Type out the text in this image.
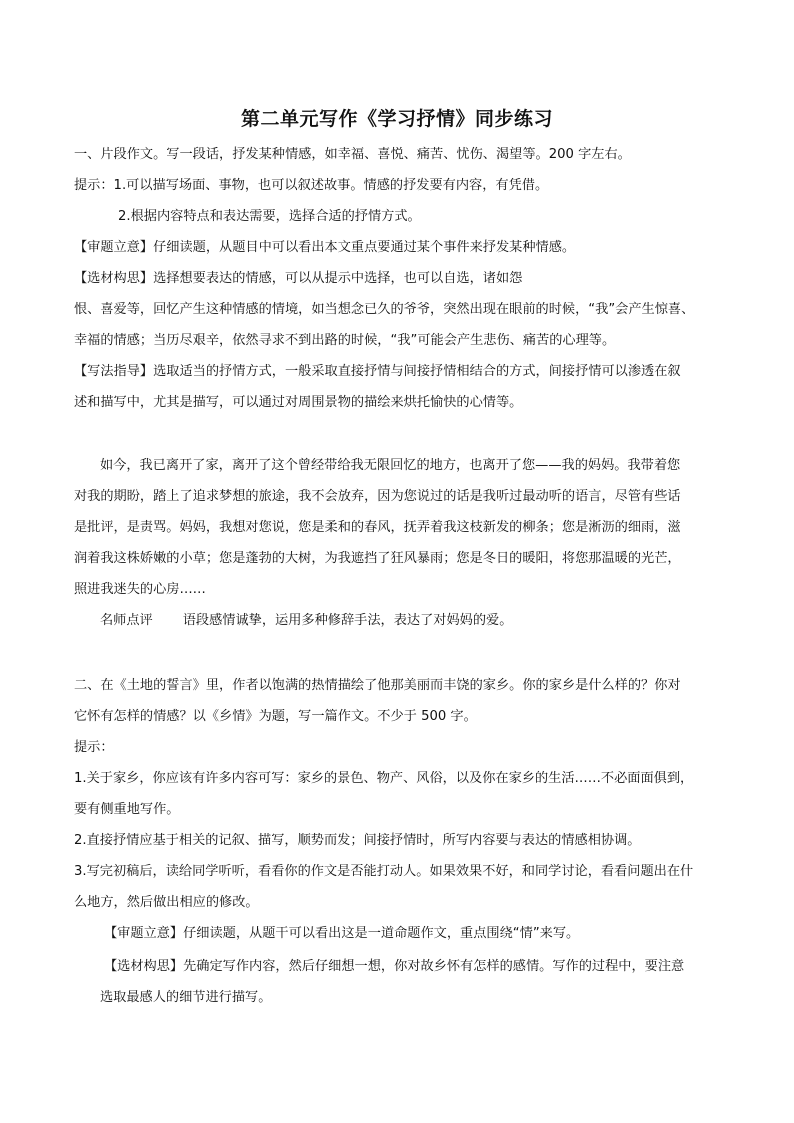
第二单元写作《学习抒情》同步练习
一、片段作文。写一段话，抒发某种情感，如幸福、喜悦、痛苦、忧伤、渴望等。200 字左右。
提示：1.可以描写场面、事物，也可以叙述故事。情感的抒发要有内容，有凭借。
2.根据内容特点和表达需要，选择合适的抒情方式。
【审题立意】仔细读题，从题目中可以看出本文重点要通过某个事件来抒发某种情感。
【选材构思】选择想要表达的情感，可以从提示中选择，也可以自选，诸如怨
恨、喜爱等，回忆产生这种情感的情境，如当想念已久的爷爷，突然出现在眼前的时候，“我”会产生惊喜、
幸福的情感；当历尽艰辛，依然寻求不到出路的时候，“我”可能会产生悲伤、痛苦的心理等。
【写法指导】选取适当的抒情方式，一般采取直接抒情与间接抒情相结合的方式，间接抒情可以渗透在叙
述和描写中，尤其是描写，可以通过对周围景物的描绘来烘托愉快的心情等。
如今，我已离开了家，离开了这个曾经带给我无限回忆的地方，也离开了您——我的妈妈。我带着您
对我的期盼，踏上了追求梦想的旅途，我不会放弃，因为您说过的话是我听过最动听的语言，尽管有些话
是批评，是责骂。妈妈，我想对您说，您是柔和的春风，抚弄着我这枝新发的柳条；您是淅沥的细雨，滋
润着我这株娇嫩的小草；您是蓬勃的大树，为我遮挡了狂风暴雨；您是冬日的暖阳，将您那温暖的光芒，
照进我迷失的心房……
名师点评 语段感情诚挚，运用多种修辞手法，表达了对妈妈的爱。
二、在《土地的誓言》里，作者以饱满的热情描绘了他那美丽而丰饶的家乡。你的家乡是什么样的？你对
它怀有怎样的情感？以《乡情》为题，写一篇作文。不少于 500 字。
提示：
1.关于家乡，你应该有许多内容可写：家乡的景色、物产、风俗，以及你在家乡的生活……不必面面俱到，
要有侧重地写作。
2.直接抒情应基于相关的记叙、描写，顺势而发；间接抒情时，所写内容要与表达的情感相协调。
3.写完初稿后，读给同学听听，看看你的作文是否能打动人。如果效果不好，和同学讨论，看看问题出在什
么地方，然后做出相应的修改。
【审题立意】仔细读题，从题干可以看出这是一道命题作文，重点围绕“情”来写。
【选材构思】先确定写作内容，然后仔细想一想，你对故乡怀有怎样的感情。写作的过程中，要注意
选取最感人的细节进行描写。
